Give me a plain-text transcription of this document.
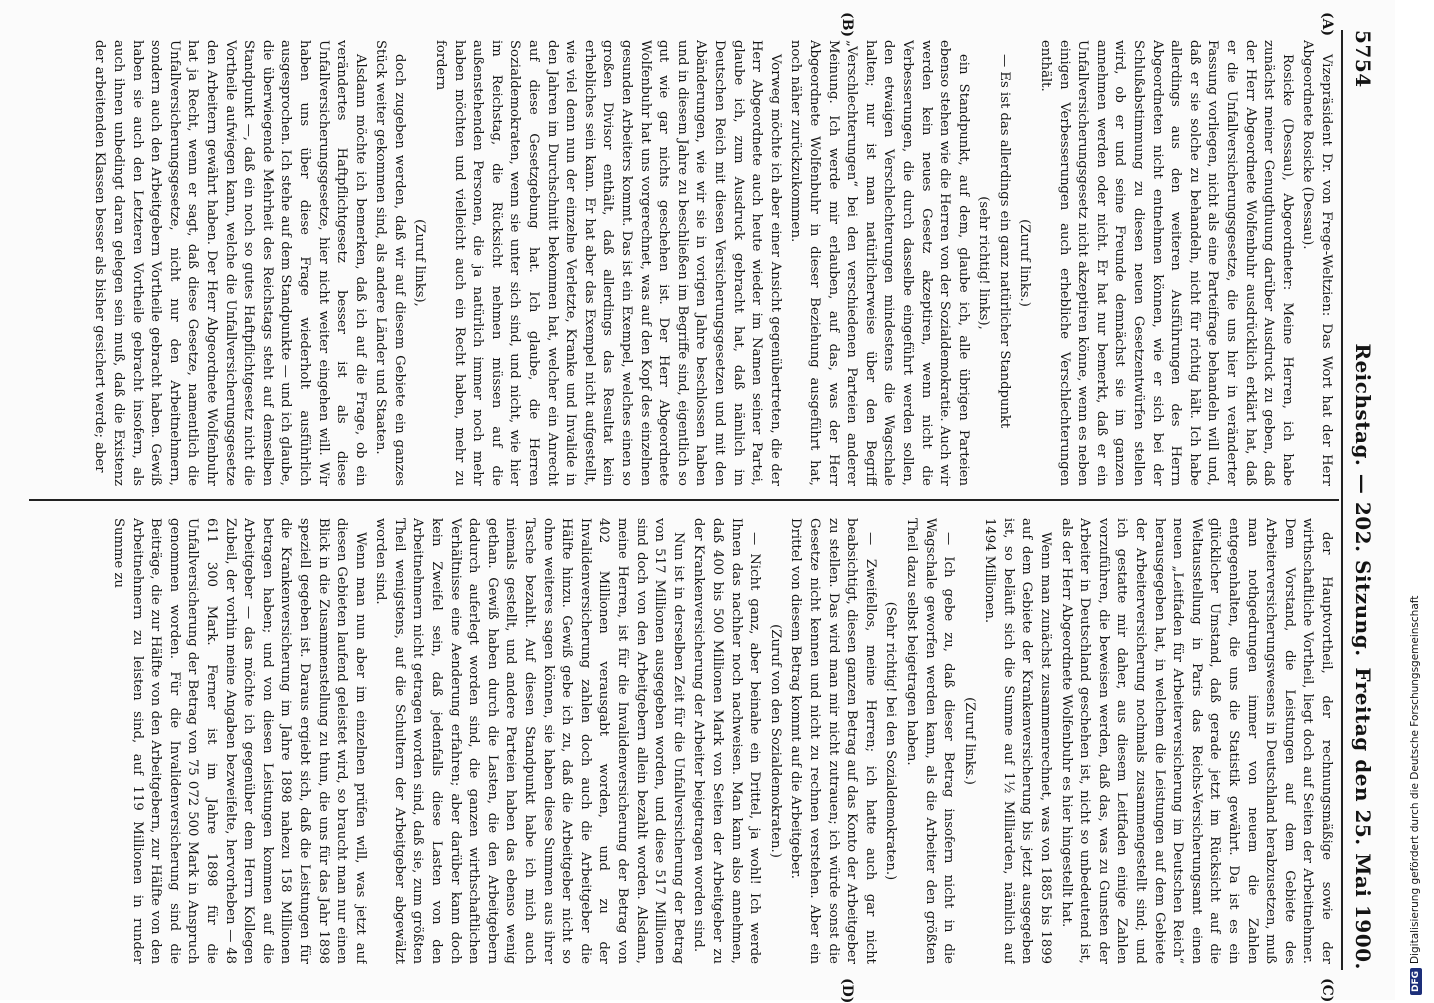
5754
Reichstag. — 202. Sitzung.
Freitag den 25. Mai 1900.
(A)
(B)
(C)
(D)

Vizepräsident Dr. von Frege-Weltzien: Das Wort hat der Herr Abgeordnete Rosicke (Dessau).

Rosicke (Dessau), Abgeordneter: Meine Herren, ich habe zunächst meiner Genugthuung darüber Ausdruck zu geben, daß der Herr Abgeordnete Wolfenbuhr ausdrücklich erklärt hat, daß er die Unfallversicherungsgesetze, die uns hier in veränderter Fassung vorliegen, nicht als eine Parteifrage behandeln will und, daß er sie solche zu behandeln, nicht für richtig hält. Ich habe allerdings aus den weiteren Ausführungen des Herrn Abgeordneten nicht entnehmen können, wie er sich bei der Schlußabstimmung zu diesen neuen Gesetzentwürfen stellen wird, ob er und seine Freunde demnächst sie im ganzen annehmen werden oder nicht. Er hat nur bemerkt, daß er ein Unfallversicherungsgesetz nicht akzeptiren könne, wenn es neben einigen Verbesserungen auch erhebliche Verschlechterungen enthält.

(Zuruf links.)

— Es ist das allerdings ein ganz natürlicher Standpunkt

(sehr richtig! links),

ein Standpunkt, auf dem, glaube ich, alle übrigen Parteien ebenso stehen wie die Herren von der Sozialdemokratie. Auch wir werden kein neues Gesetz akzeptiren, wenn nicht die Verbesserungen, die durch dasselbe eingeführt werden sollen, den etwaigen Verschlechterungen mindestens die Wagschale halten; nur ist man natürlicherweise über den Begriff „Verschlechterungen“ bei den verschiedenen Parteien anderer Meinung. Ich werde mir erlauben, auf das, was der Herr Abgeordnete Wolfenbuhr in dieser Beziehung ausgeführt hat, noch näher zurückzukommen.

Vorweg möchte ich aber einer Ansicht gegenübertreten, die der Herr Abgeordnete auch heute wieder im Namen seiner Partei, glaube ich, zum Ausdruck gebracht hat, daß nämlich im Deutschen Reich mit diesen Versicherungsgesetzen und mit den Abänderungen, wie wir sie in vorigen Jahre beschlossen haben und in diesem Jahre zu beschließen im Begriffe sind, eigentlich so gut wie gar nichts geschehen ist. Der Herr Abgeordnete Wolfenbuhr hat uns vorgerechnet, was auf den Kopf des einzelnen gesunden Arbeiters kommt. Das ist ein Exempel, welches einen so großen Divisor enthält, daß allerdings das Resultat kein erhebliches sein kann. Er hat aber das Exempel nicht aufgestellt, wie viel denn nun der einzelne Verletzte, Kranke und Invalide in den Jahren im Durchschnitt bekommen hat, welcher ein Anrecht auf diese Gesetzgebung hat. Ich glaube, die Herren Sozialdemokraten, wenn sie unter sich sind, und nicht, wie hier im Reichstag, die Rücksicht nehmen müssen auf die außenstehenden Personen, die ja natürlich immer noch mehr haben möchten und vielleicht auch ein Recht haben, mehr zu fordern

(Zuruf links),

doch zugeben werden, daß wir auf diesem Gebiete ein ganzes Stück weiter gekommen sind, als andere Länder und Staaten.

Alsdann möchte ich bemerken, daß ich auf die Frage, ob ein verändertes Haftpflichtgesetz besser ist als diese Unfallversicherungsgesetze, hier nicht weiter eingehen will. Wir haben uns über diese Frage wiederholt ausführlich ausgesprochen. Ich stehe auf dem Standpunkte — und ich glaube, die überwiegende Mehrheit des Reichstags steht auf demselben Standpunkt —, daß ein noch so gutes Haftpflichtgesetz nicht die Vortheile aufwiegen kann, welche die Unfallversicherungsgesetze den Arbeitern gewährt haben. Der Herr Abgeordnete Wolfenbuhr hat ja Recht, wenn er sagt, daß diese Gesetze, namentlich die Unfallversicherungsgesetze, nicht nur den Arbeitnehmern, sondern auch den Arbeitgebern Vortheile gebracht haben. Gewiß haben sie auch den Letzteren Vortheile gebracht insofern, als auch ihnen unbedingt daran gelegen sein muß, daß die Existenz der arbeitenden Klassen besser als bisher gesichert werde; aber

der Hauptvortheil, der rechnungsmäßige sowie der wirthschaftliche Vortheil, liegt doch auf Seiten der Arbeitnehmer. Dem Vorstand, die Leistungen auf dem Gebiete des Arbeiterversicherungswesens in Deutschland herabzusetzen, muß man nothgedrungen immer von neuem die Zahlen entgegenhalten, die uns die Statistik gewährt. Da ist es ein glücklicher Umstand, daß gerade jetzt im Rücksicht auf die Weltausstellung in Paris das Reichs-Versicherungsamt einen neuen „Leitfaden für Arbeiterversicherung im Deutschen Reich“ herausgegeben hat, in welchem die Leistungen auf dem Gebiete der Arbeiterversicherung nochmals zusammengestellt sind; und ich gestatte mir daher, aus diesem Leitfaden einige Zahlen vorzuführen, die beweisen werden, daß das, was zu Gunsten der Arbeiter in Deutschland geschehen ist, nicht so unbedeutend ist, als der Herr Abgeordnete Wolfenbuhr es hier hingestellt hat.

Wenn man zunächst zusammenrechnet, was von 1885 bis 1899 auf dem Gebiete der Krankenversicherung bis jetzt ausgegeben ist, so beläuft sich die Summe auf 1½ Milliarden, nämlich auf 1494 Millionen.

(Zuruf links.)

— Ich gebe zu, daß dieser Betrag insofern nicht in die Wagschale geworfen werden kann, als die Arbeiter den größten Theil dazu selbst beigetragen haben.

(Sehr richtig! bei den Sozialdemokraten.)

— Zweifellos, meine Herren; ich hatte auch gar nicht beabsichtigt, diesen ganzen Betrag auf das Konto der Arbeitgeber zu stellen. Das wird man mir nicht zutrauen; ich würde sonst die Gesetze nicht kennen und nicht zu rechnen verstehen. Aber ein Drittel von diesem Betrag kommt auf die Arbeitgeber.

(Zuruf von den Sozialdemokraten.)

— Nicht ganz, aber beinahe ein Drittel, ja wohl! Ich werde Ihnen das nachher noch nachweisen. Man kann also annehmen, daß 400 bis 500 Millionen Mark von Seiten der Arbeitgeber zu der Krankenversicherung der Arbeiter beigetragen worden sind.

Nun ist in derselben Zeit für die Unfallversicherung der Betrag von 517 Millionen ausgegeben worden, und diese 517 Millionen sind doch von den Arbeitgebern allein bezahlt worden. Alsdann, meine Herren, ist für die Invalidenversicherung der Betrag von 402 Millionen verausgabt worden, und zu der Invalidenversicherung zahlen doch auch die Arbeitgeber die Hälfte hinzu. Gewiß gebe ich zu, daß die Arbeitgeber nicht so ohne weiteres sagen können, sie haben diese Summen aus ihrer Tasche bezahlt. Auf diesen Standpunkt habe ich mich auch niemals gestellt, und andere Parteien haben das ebenso wenig gethan. Gewiß haben durch die Lasten, die den Arbeitgebern dadurch auferlegt worden sind, die ganzen wirthschaftlichen Verhältnisse eine Aenderung erfahren; aber darüber kann doch kein Zweifel sein, daß jedenfalls diese Lasten von den Arbeitnehmern nicht getragen worden sind, daß sie, zum größten Theil wenigstens, auf die Schultern der Arbeitgeber abgewälzt worden sind.

Wenn man nun aber im einzelnen prüfen will, was jetzt auf diesen Gebieten laufend geleistet wird, so braucht man nur einen Blick in die Zusammenstellung zu thun, die uns für das Jahr 1898 speziell gegeben ist. Daraus ergiebt sich, daß die Leistungen für die Krankenversicherung im Jahre 1898 nahezu 158 Millionen betragen haben; und von diesen Leistungen kommen auf die Arbeitgeber — das möchte ich gegenüber dem Herrn Kollegen Zubeil, der vorhin meine Angaben bezweifelte, hervorheben — 48 611 300 Mark. Ferner ist im Jahre 1898 für die Unfallversicherung der Betrag von 75 072 500 Mark in Anspruch genommen worden. Für die Invalidenversicherung sind die Beiträge, die zur Hälfte von den Arbeitgebern, zur Hälfte von den Arbeitnehmern zu leisten sind, auf 119 Millionen in runder Summe zu

DFGDigitalisierung gefördert durch die Deutsche Forschungsgemeinschaft
